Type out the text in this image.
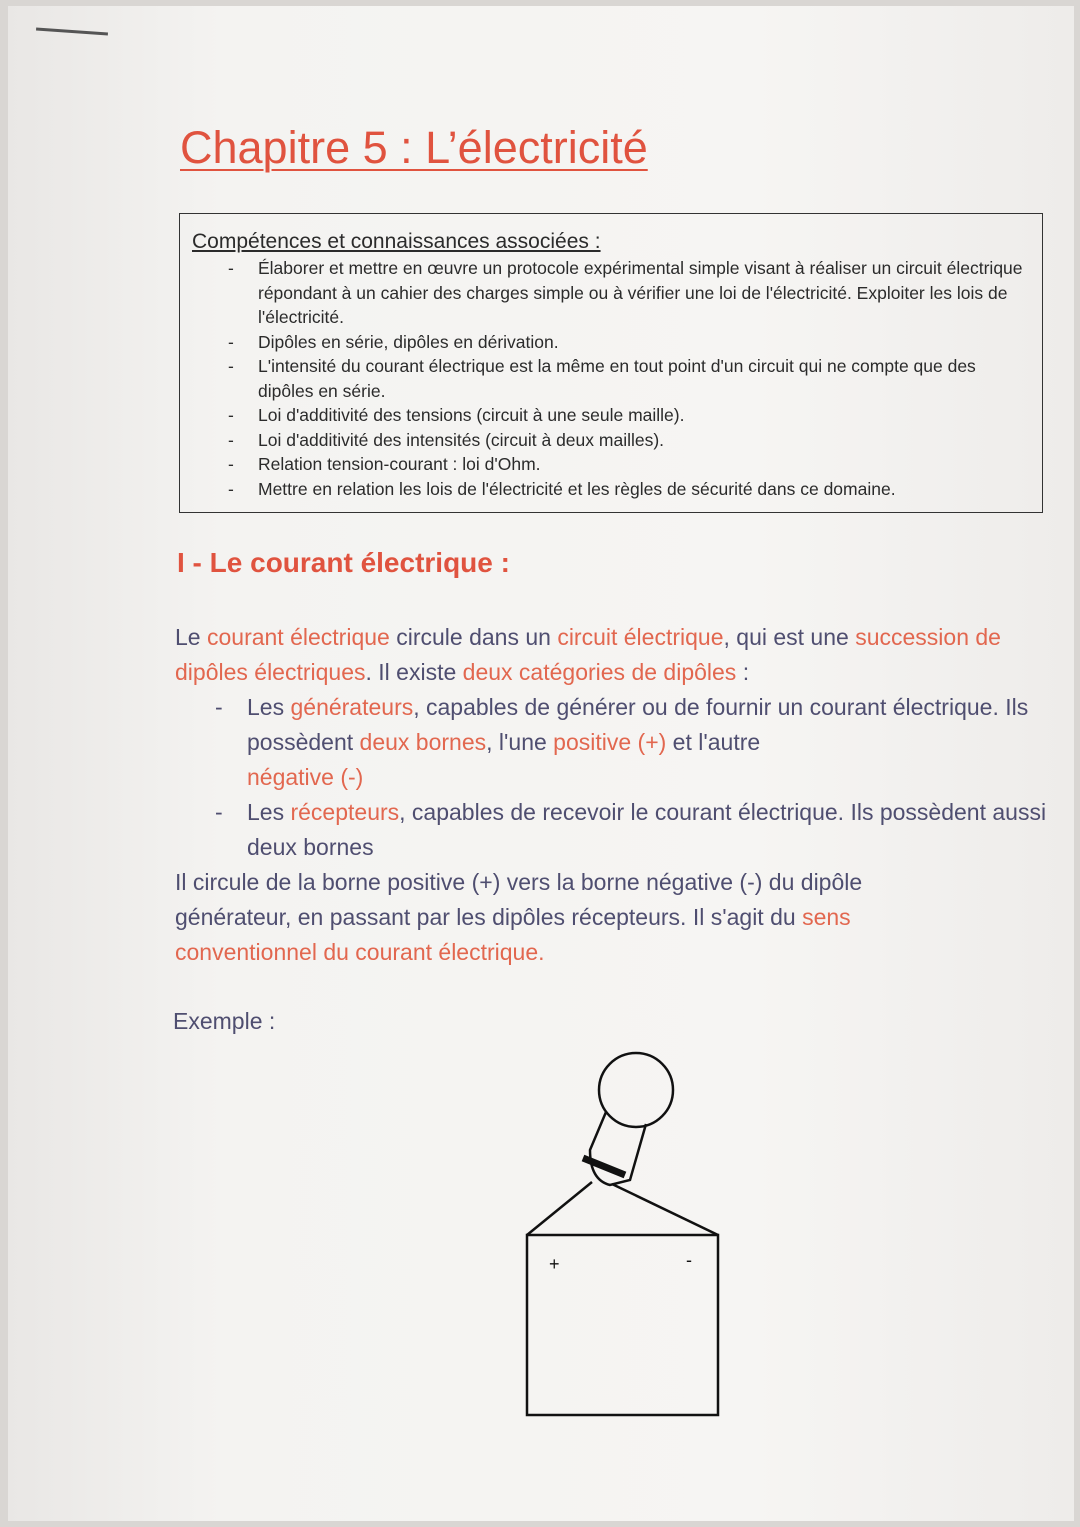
Chapitre 5 : L’électricité
Compétences et connaissances associées :
- Élaborer et mettre en œuvre un protocole expérimental simple visant à réaliser un circuit électrique répondant à un cahier des charges simple ou à vérifier une loi de l'électricité. Exploiter les lois de l'électricité.
- Dipôles en série, dipôles en dérivation.
- L'intensité du courant électrique est la même en tout point d'un circuit qui ne compte que des dipôles en série.
- Loi d'additivité des tensions (circuit à une seule maille).
- Loi d'additivité des intensités (circuit à deux mailles).
- Relation tension-courant : loi d'Ohm.
- Mettre en relation les lois de l'électricité et les règles de sécurité dans ce domaine.
I - Le courant électrique :

Le courant électrique circule dans un circuit électrique, qui est une succession de dipôles électriques. Il existe deux catégories de dipôles :

- Les générateurs, capables de générer ou de fournir un courant électrique. Ils possèdent deux bornes, l'une positive (+) et l'autre
négative (-)
- Les récepteurs, capables de recevoir le courant électrique. Ils possèdent aussi deux bornes

Il circule de la borne positive (+) vers la borne négative (-) du dipôle générateur, en passant par les dipôles récepteurs. Il s'agit du sens conventionnel du courant électrique.

Exemple :
+	-
